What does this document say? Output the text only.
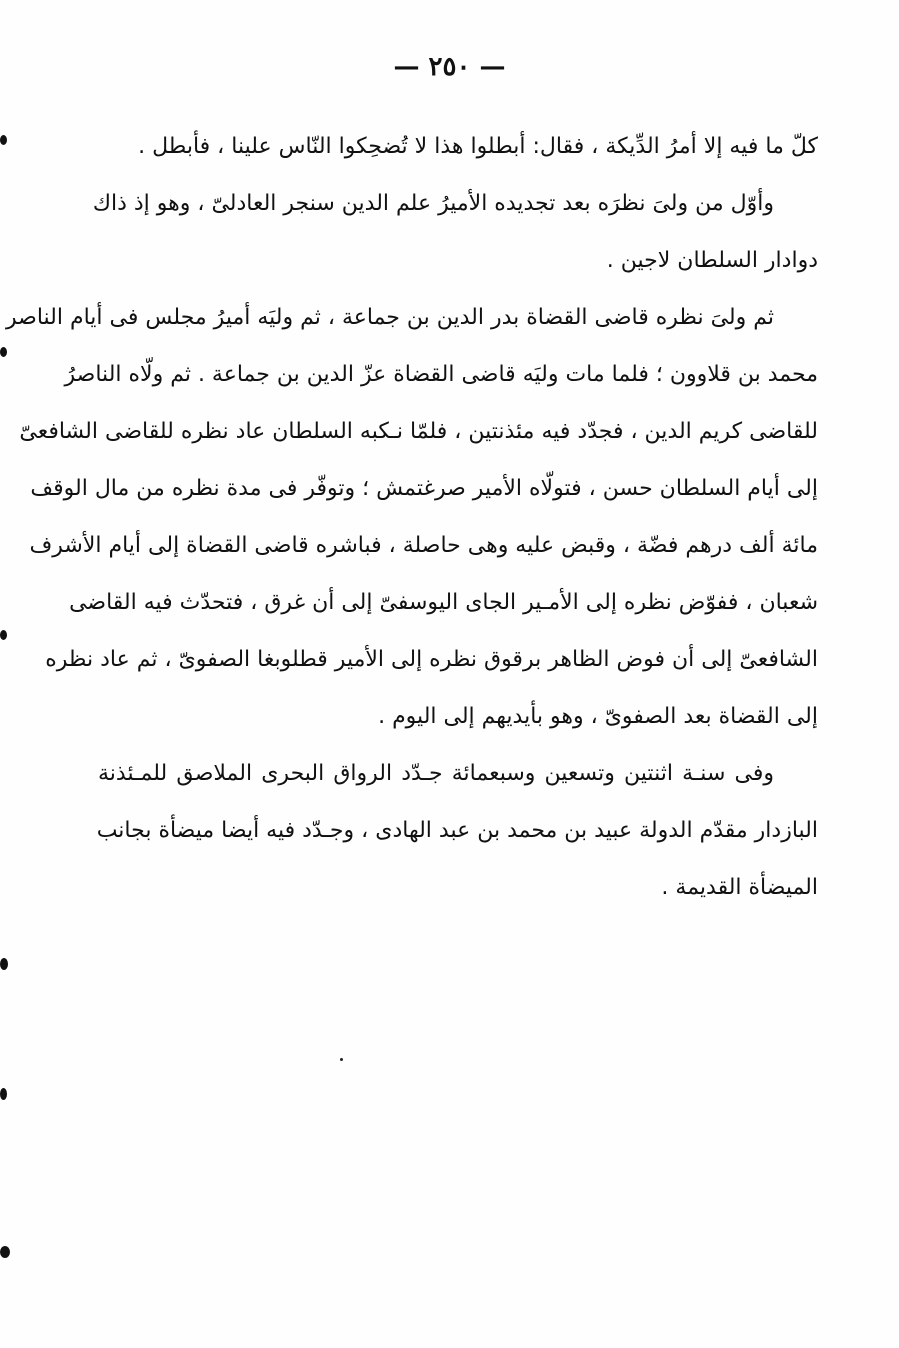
— ٢٥٠ —
كلّ ما فيه إلا أمرُ الدِّيكة ، فقال: أبطلوا هذا لا تُضحِكوا النّاس علينا ، فأبطل .
وأوّل من ولىَ نظرَه بعد تجديده الأميرُ علم الدين سنجر العادلىّ ، وهو إذ ذاك
دوادار السلطان لاجين .
ثم ولىَ نظره قاضى القضاة بدر الدين بن جماعة ، ثم وليَه أميرُ مجلس فى أيام الناصر
محمد بن قلاوون ؛ فلما مات وليَه قاضى القضاة عزّ الدين بن جماعة . ثم ولّاه الناصرُ
للقاضى كريم الدين ، فجدّد فيه مئذنتين ، فلمّا نـكبه السلطان عاد نظره للقاضى الشافعىّ
إلى أيام السلطان حسن ، فتولّاه الأمير صرغتمش ؛ وتوفّر فى مدة نظره من مال الوقف
مائة ألف درهم فضّة ، وقبض عليه وهى حاصلة ، فباشره قاضى القضاة إلى أيام الأشرف
شعبان ، ففوّض نظره إلى الأمـير الجاى اليوسفىّ إلى أن غرق ، فتحدّث فيه القاضى
الشافعىّ إلى أن فوض الظاهر برقوق نظره إلى الأمير قطلوبغا الصفوىّ ، ثم عاد نظره
إلى القضاة بعد الصفوىّ ، وهو بأيديهم إلى اليوم .
وفى سنـة اثنتين وتسعين وسبعمائة جـدّد الرواق البحرى الملاصق للمـئذنة
البازدار مقدّم الدولة عبيد بن محمد بن عبد الهادى ، وجـدّد فيه أيضا ميضأة بجانب
الميضأة القديمة .
